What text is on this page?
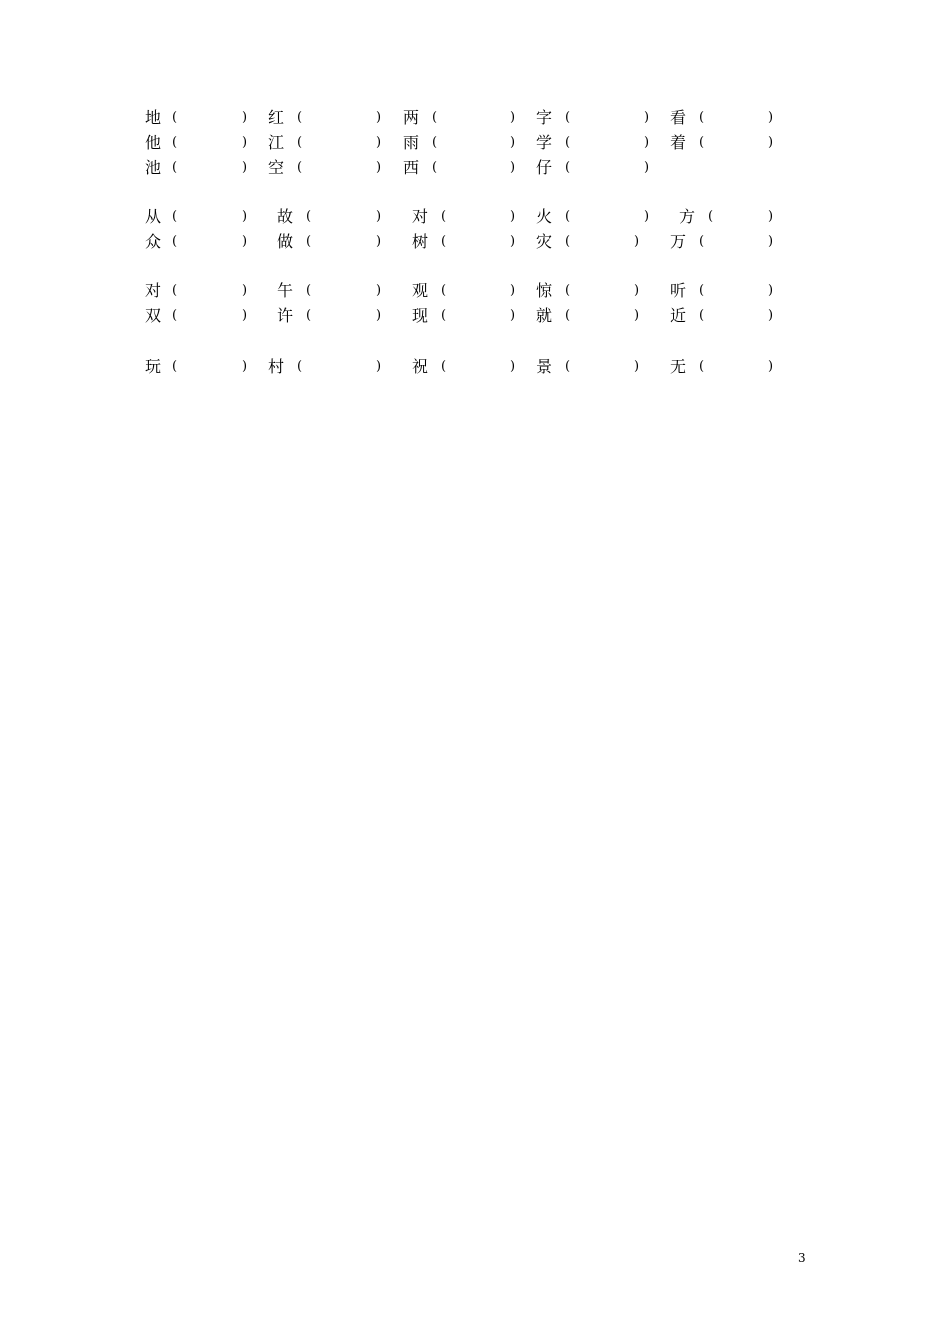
地 (	) 红 (	) 两 (	) 字 (	) 看 (	)
他 (	) 江 (	) 雨 (	) 学 (	) 着 (	)
池 (	) 空 (	) 西 (	) 仔 (	)
从 (	) 故 (	) 对 (	) 火 (	) 方 (	)
众 (	) 做 (	) 树 (	) 灾 (	) 万 (	)
对 (	) 午 (	) 观 (	) 惊 (	) 听 (	)
双 (	) 许 (	) 现 (	) 就 (	) 近 (	)
玩 (	) 村 (	) 祝 (	) 景 (	) 无 (	)
3
